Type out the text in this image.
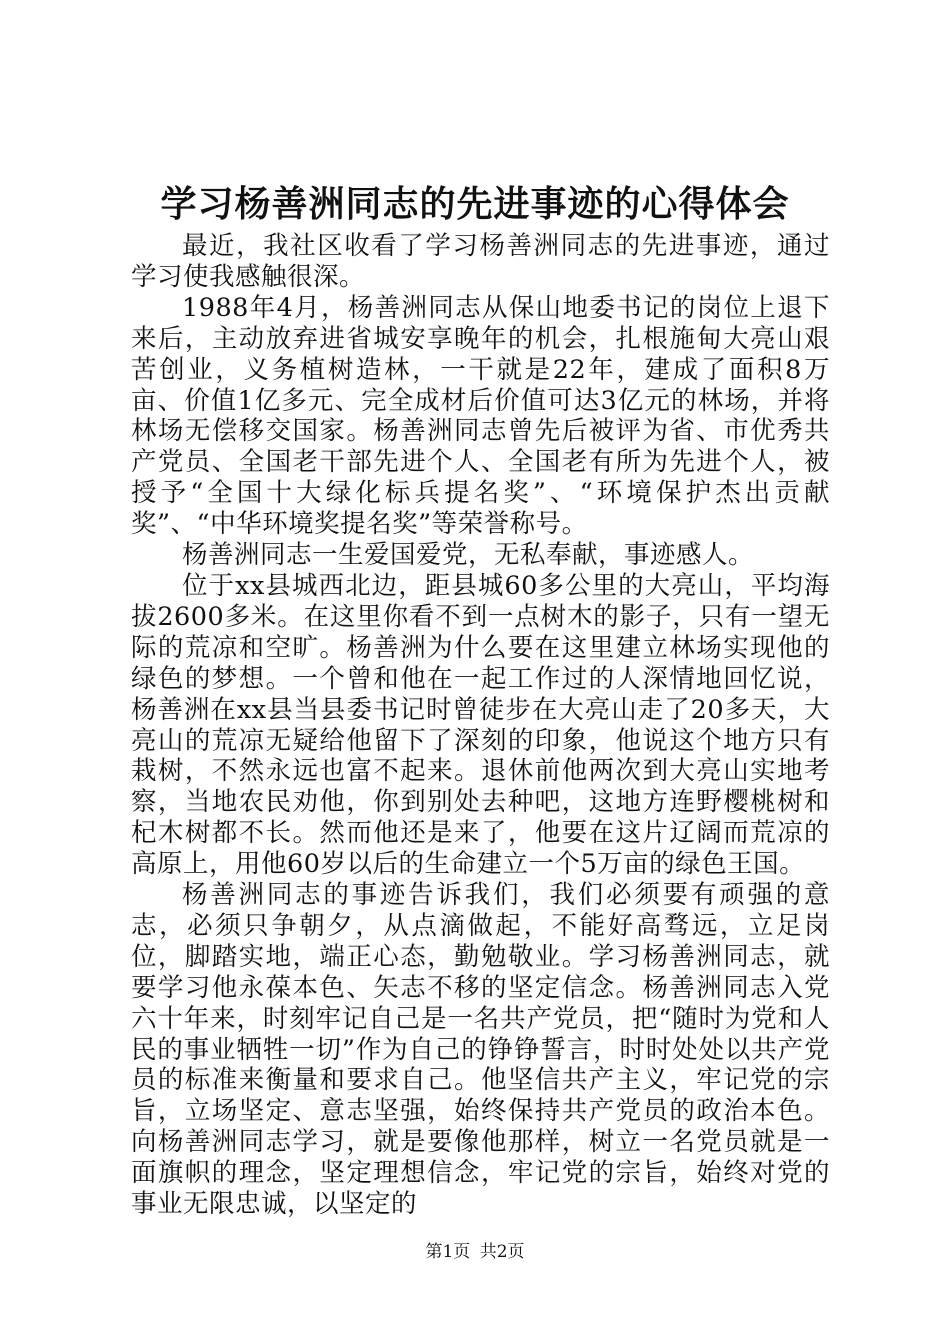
学习杨善洲同志的先进事迹的心得体会

最近，我社区收看了学习杨善洲同志的先进事迹，通过学习使我感触很深。

1988年4月，杨善洲同志从保山地委书记的岗位上退下来后，主动放弃进省城安享晚年的机会，扎根施甸大亮山艰苦创业，义务植树造林，一干就是22年，建成了面积8万亩、价值1亿多元、完全成材后价值可达3亿元的林场，并将林场无偿移交国家。杨善洲同志曾先后被评为省、市优秀共产党员、全国老干部先进个人、全国老有所为先进个人，被授予“全国十大绿化标兵提名奖”、“环境保护杰出贡献奖”、“中华环境奖提名奖”等荣誉称号。

杨善洲同志一生爱国爱党，无私奉献，事迹感人。

位于xx县城西北边，距县城60多公里的大亮山，平均海拔2600多米。在这里你看不到一点树木的影子，只有一望无际的荒凉和空旷。杨善洲为什么要在这里建立林场实现他的绿色的梦想。一个曾和他在一起工作过的人深情地回忆说，杨善洲在xx县当县委书记时曾徒步在大亮山走了20多天，大亮山的荒凉无疑给他留下了深刻的印象，他说这个地方只有栽树，不然永远也富不起来。退休前他两次到大亮山实地考察，当地农民劝他，你到别处去种吧，这地方连野樱桃树和杞木树都不长。然而他还是来了，他要在这片辽阔而荒凉的高原上，用他60岁以后的生命建立一个5万亩的绿色王国。

杨善洲同志的事迹告诉我们，我们必须要有顽强的意志，必须只争朝夕，从点滴做起，不能好高骛远，立足岗位，脚踏实地，端正心态，勤勉敬业。学习杨善洲同志，就要学习他永葆本色、矢志不移的坚定信念。杨善洲同志入党六十年来，时刻牢记自己是一名共产党员，把“随时为党和人民的事业牺牲一切”作为自己的铮铮誓言，时时处处以共产党员的标准来衡量和要求自己。他坚信共产主义，牢记党的宗旨，立场坚定、意志坚强，始终保持共产党员的政治本色。向杨善洲同志学习，就是要像他那样，树立一名党员就是一面旗帜的理念，坚定理想信念，牢记党的宗旨，始终对党的事业无限忠诚，以坚定的

第1页 共2页
